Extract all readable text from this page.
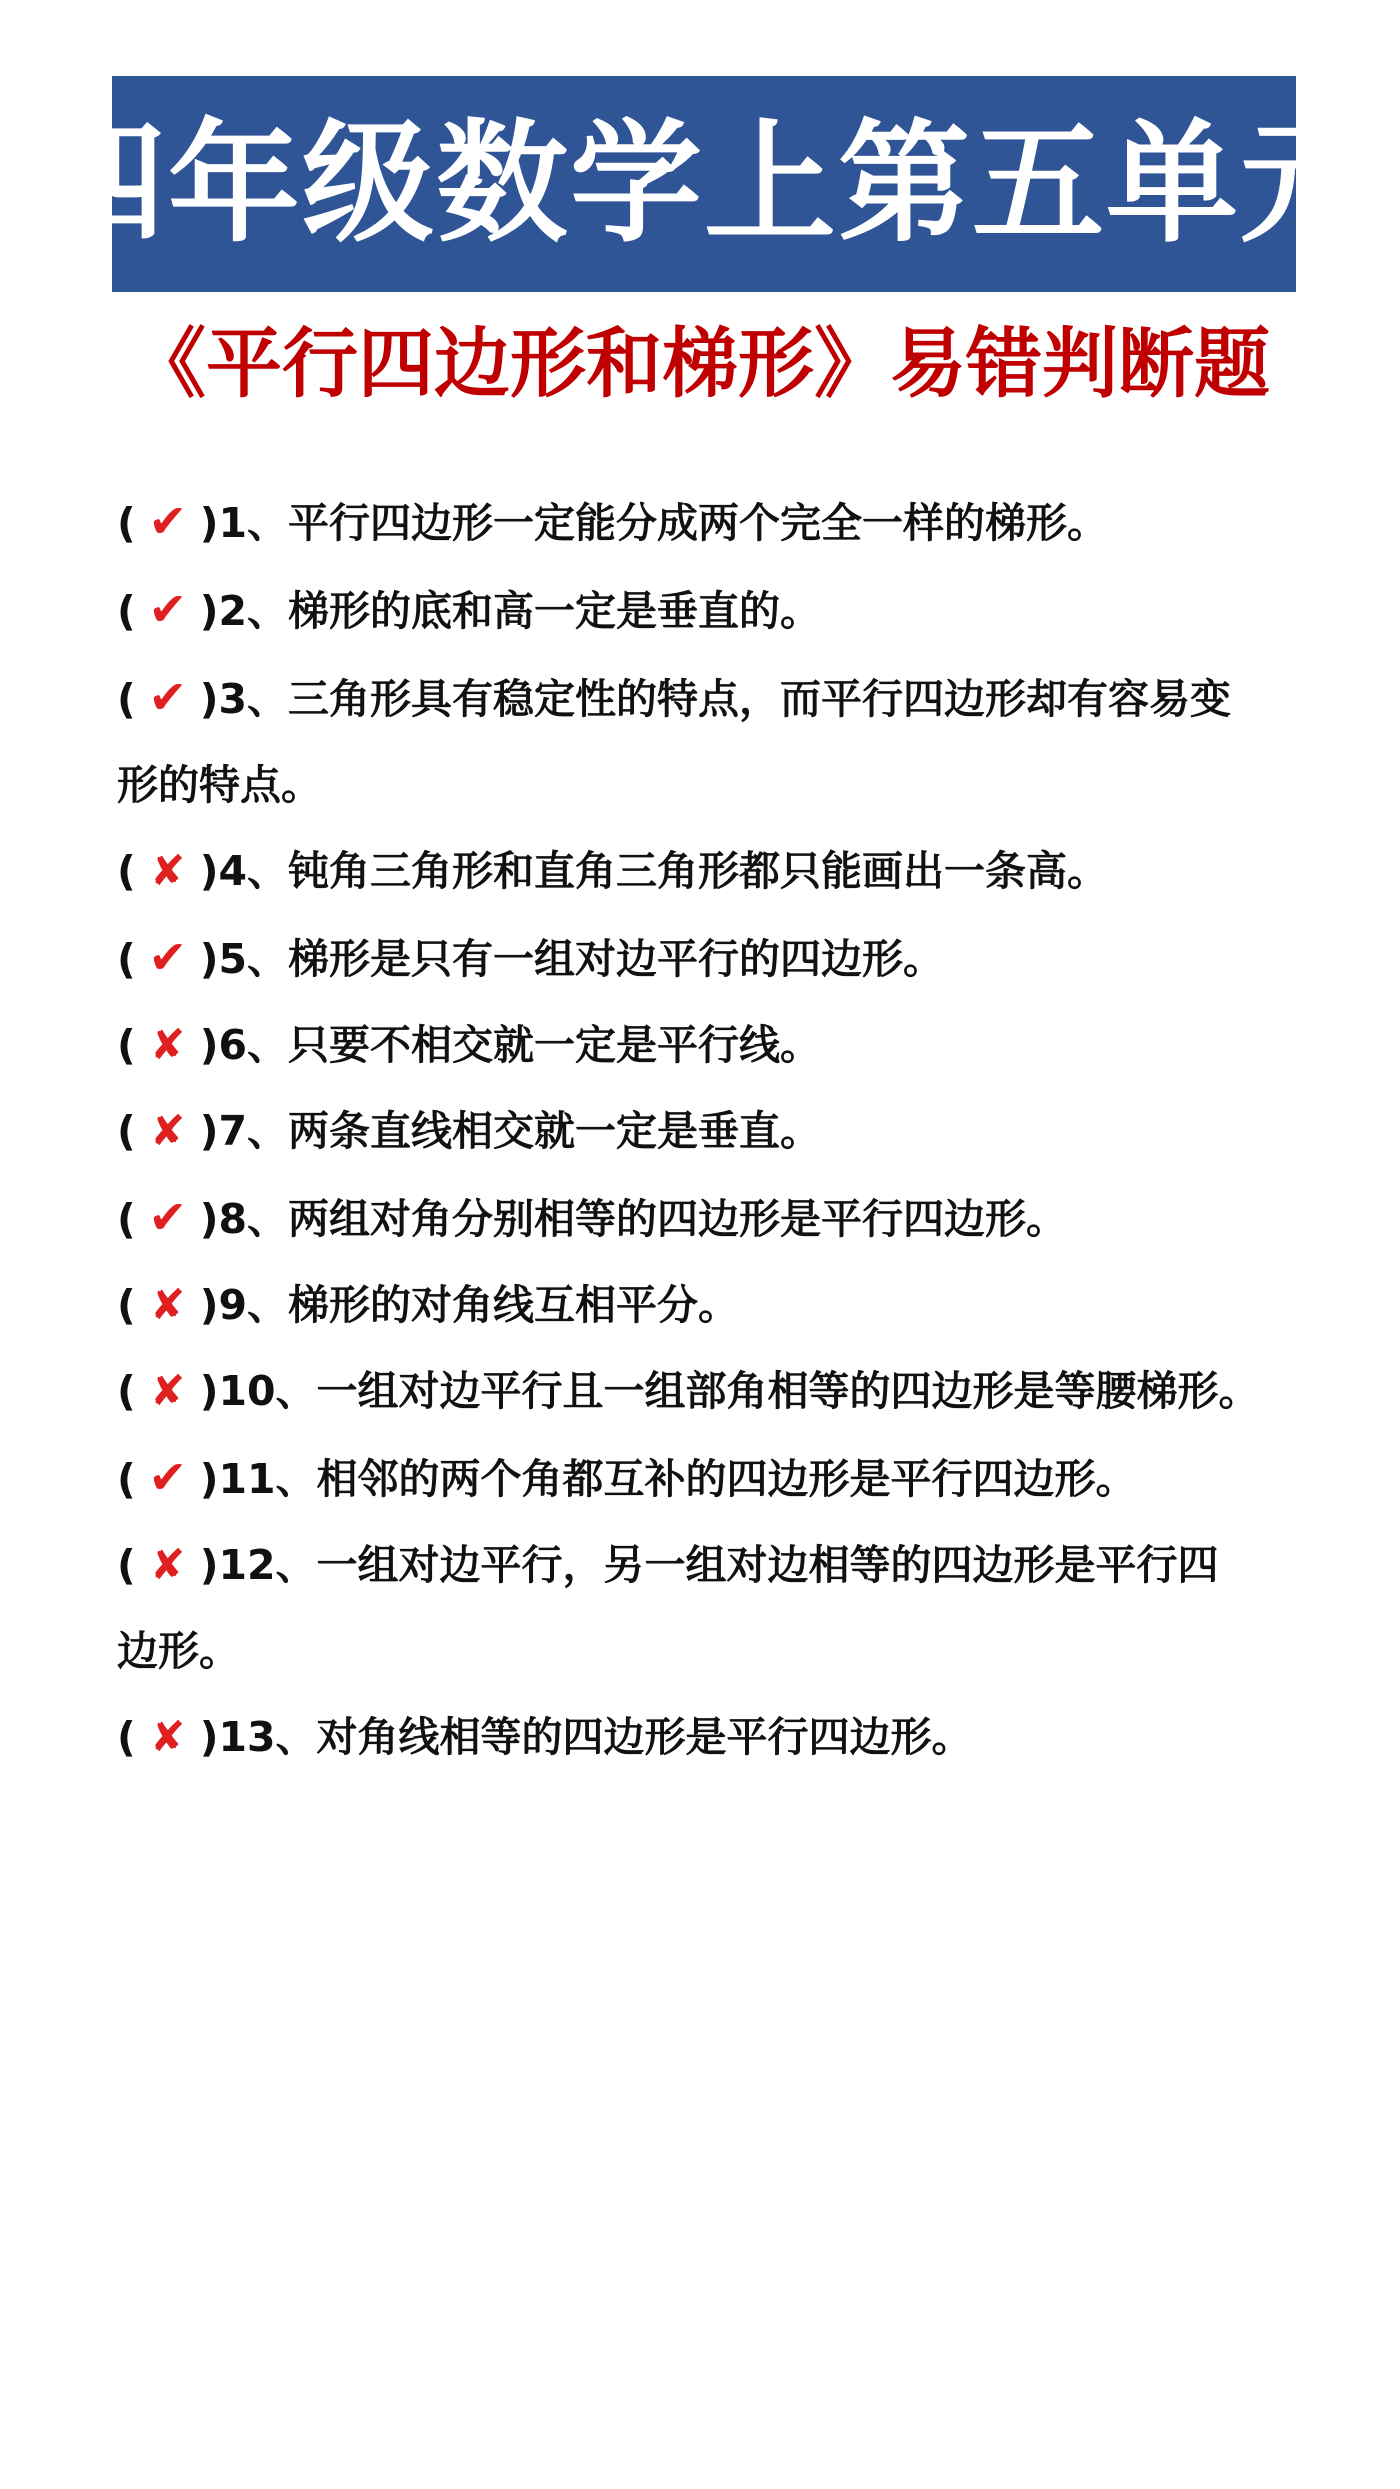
四年级数学上第五单元
《平行四边形和梯形》易错判断题
( ✔ )1、平行四边形一定能分成两个完全一样的梯形。
( ✔ )2、梯形的底和高一定是垂直的。
( ✔ )3、三角形具有稳定性的特点，而平行四边形却有容易变
形的特点。
( ✘ )4、钝角三角形和直角三角形都只能画出一条高。
( ✔ )5、梯形是只有一组对边平行的四边形。
( ✘ )6、只要不相交就一定是平行线。
( ✘ )7、两条直线相交就一定是垂直。
( ✔ )8、两组对角分别相等的四边形是平行四边形。
( ✘ )9、梯形的对角线互相平分。
( ✘ )10、一组对边平行且一组部角相等的四边形是等腰梯形。
( ✔)11、相邻的两个角都互补的四边形是平行四边形。
( ✘ )12、一组对边平行，另一组对边相等的四边形是平行四
边形。
( ✘ )13、对角线相等的四边形是平行四边形。
